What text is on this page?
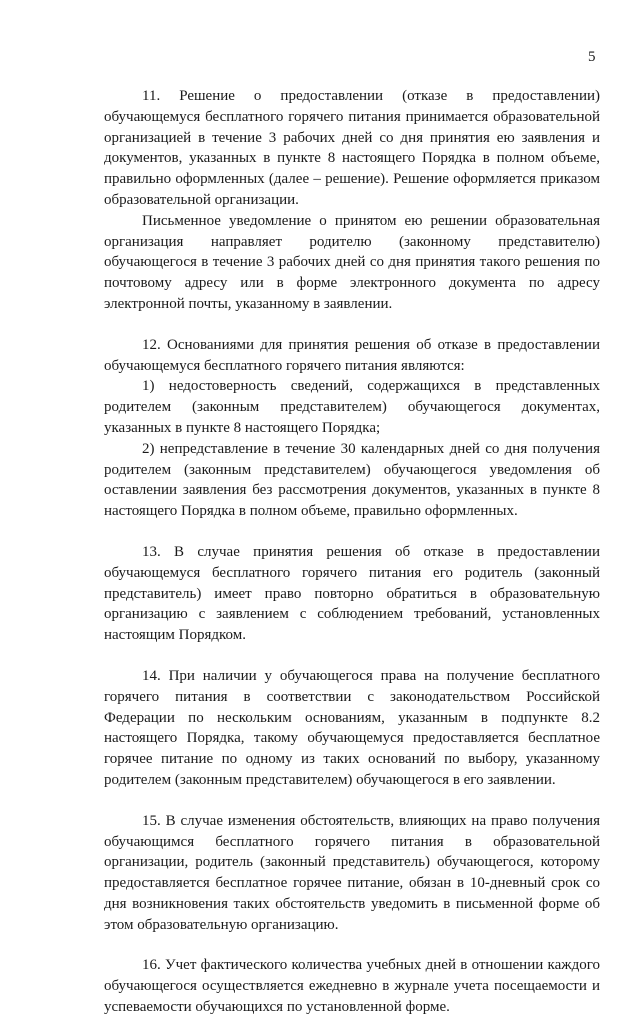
5

11. Решение о предоставлении (отказе в предоставлении) обучающемуся бесплатного горячего питания принимается образовательной организацией в течение 3 рабочих дней со дня принятия ею заявления и документов, указанных в пункте 8 настоящего Порядка в полном объеме, правильно оформленных (далее – решение). Решение оформляется приказом образовательной организации.

Письменное уведомление о принятом ею решении образовательная организация направляет родителю (законному представителю) обучающегося в течение 3 рабочих дней со дня принятия такого решения по почтовому адресу или в форме электронного документа по адресу электронной почты, указанному в заявлении.

12. Основаниями для принятия решения об отказе в предоставлении обучающемуся бесплатного горячего питания являются:

1) недостоверность сведений, содержащихся в представленных родителем (законным представителем) обучающегося документах, указанных в пункте 8 настоящего Порядка;

2) непредставление в течение 30 календарных дней со дня получения родителем (законным представителем) обучающегося уведомления об оставлении заявления без рассмотрения документов, указанных в пункте 8 настоящего Порядка в полном объеме, правильно оформленных.

13. В случае принятия решения об отказе в предоставлении обучающемуся бесплатного горячего питания его родитель (законный представитель) имеет право повторно обратиться в образовательную организацию с заявлением с соблюдением требований, установленных настоящим Порядком.

14. При наличии у обучающегося права на получение бесплатного горячего питания в соответствии с законодательством Российской Федерации по нескольким основаниям, указанным в подпункте 8.2 настоящего Порядка, такому обучающемуся предоставляется бесплатное горячее питание по одному из таких оснований по выбору, указанному родителем (законным представителем) обучающегося в его заявлении.

15. В случае изменения обстоятельств, влияющих на право получения обучающимся бесплатного горячего питания в образовательной организации, родитель (законный представитель) обучающегося, которому предоставляется бесплатное горячее питание, обязан в 10-дневный срок со дня возникновения таких обстоятельств уведомить в письменной форме об этом образовательную организацию.

16. Учет фактического количества учебных дней в отношении каждого обучающегося осуществляется ежедневно в журнале учета посещаемости и успеваемости обучающихся по установленной форме.
